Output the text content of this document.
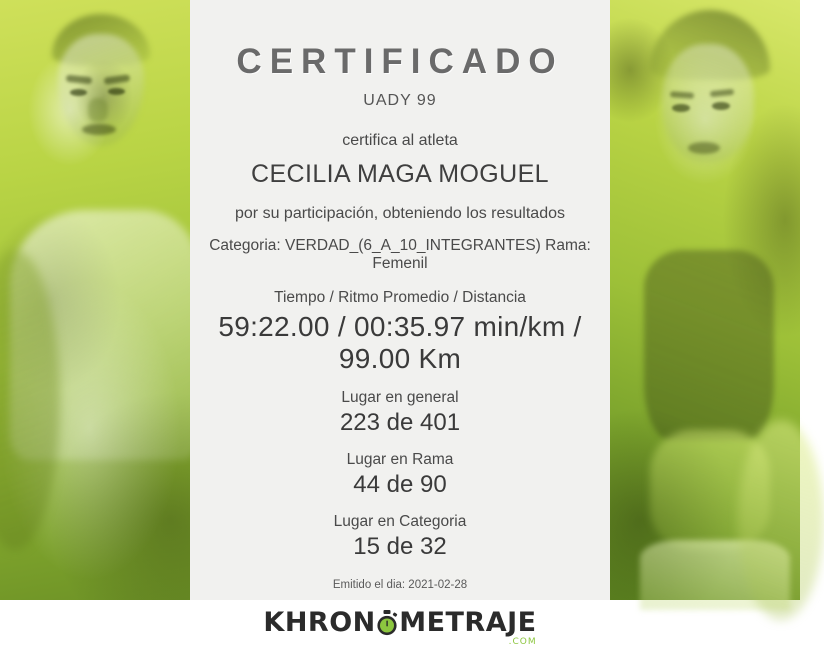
CERTIFICADO
UADY 99
certifica al atleta
CECILIA MAGA MOGUEL
por su participación, obteniendo los resultados
Categoria: VERDAD_(6_A_10_INTEGRANTES) Rama: Femenil
Tiempo / Ritmo Promedio / Distancia
59:22.00 / 00:35.97 min/km / 99.00 Km
Lugar en general
223 de 401
Lugar en Rama
44 de 90
Lugar en Categoria
15 de 32
Emitido el dia: 2021-02-28
KHRON METRAJE
.COM
